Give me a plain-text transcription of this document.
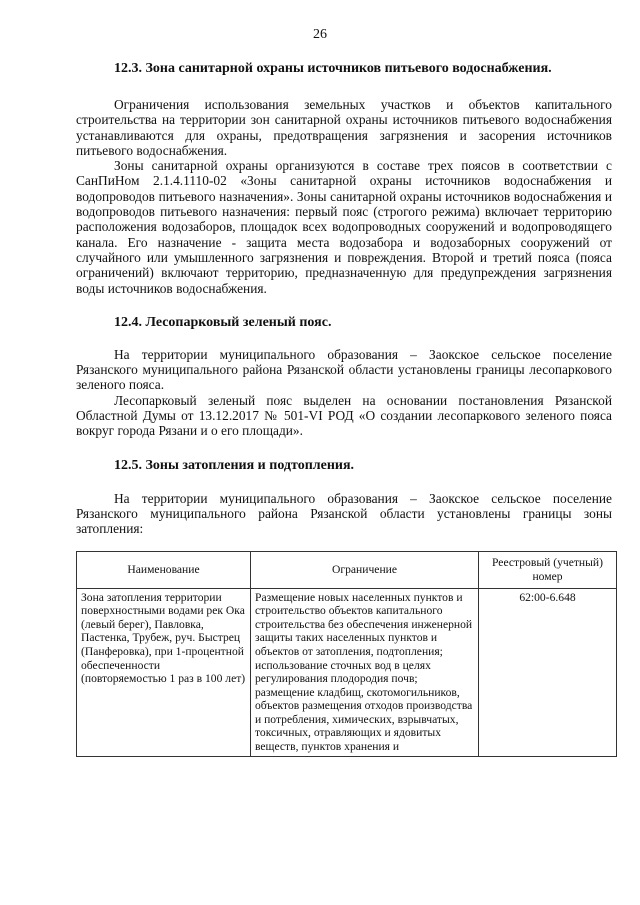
26
12.3. Зона санитарной охраны источников питьевого водоснабжения.

Ограничения использования земельных участков и объектов капитального строительства на территории зон санитарной охраны источников питьевого водоснабжения устанавливаются для охраны, предотвращения загрязнения и засорения источников питьевого водоснабжения.

Зоны санитарной охраны организуются в составе трех поясов в соответствии с СанПиНом 2.1.4.1110-02 «Зоны санитарной охраны источников водоснабжения и водопроводов питьевого назначения». Зоны санитарной охраны источников водоснабжения и водопроводов питьевого назначения: первый пояс (строгого режима) включает территорию расположения водозаборов, площадок всех водопроводных сооружений и водопроводящего канала. Его назначение - защита места водозабора и водозаборных сооружений от случайного или умышленного загрязнения и повреждения. Второй и третий пояса (пояса ограничений) включают территорию, предназначенную для предупреждения загрязнения воды источников водоснабжения.

12.4. Лесопарковый зеленый пояс.

На территории муниципального образования – Заокское сельское поселение Рязанского муниципального района Рязанской области установлены границы лесопаркового зеленого пояса.

Лесопарковый зеленый пояс выделен на основании постановления Рязанской Областной Думы от 13.12.2017 № 501-VI РОД «О создании лесопаркового зеленого пояса вокруг города Рязани и о его площади».

12.5. Зоны затопления и подтопления.

На территории муниципального образования – Заокское сельское поселение Рязанского муниципального района Рязанской области установлены границы зоны затопления:

Наименование	Ограничение	Реестровый (учетный) номер
Зона затопления территории поверхностными водами рек Ока (левый берег), Павловка, Пастенка, Трубеж, руч. Быстрец (Панферовка), при 1-процентной обеспеченности (повторяемостью 1 раз в 100 лет)	Размещение новых населенных пунктов и строительство объектов капитального строительства без обеспечения инженерной защиты таких населенных пунктов и объектов от затопления, подтопления; использование сточных вод в целях регулирования плодородия почв; размещение кладбищ, скотомогильников, объектов размещения отходов производства и потребления, химических, взрывчатых, токсичных, отравляющих и ядовитых веществ, пунктов хранения и	62:00-6.648
